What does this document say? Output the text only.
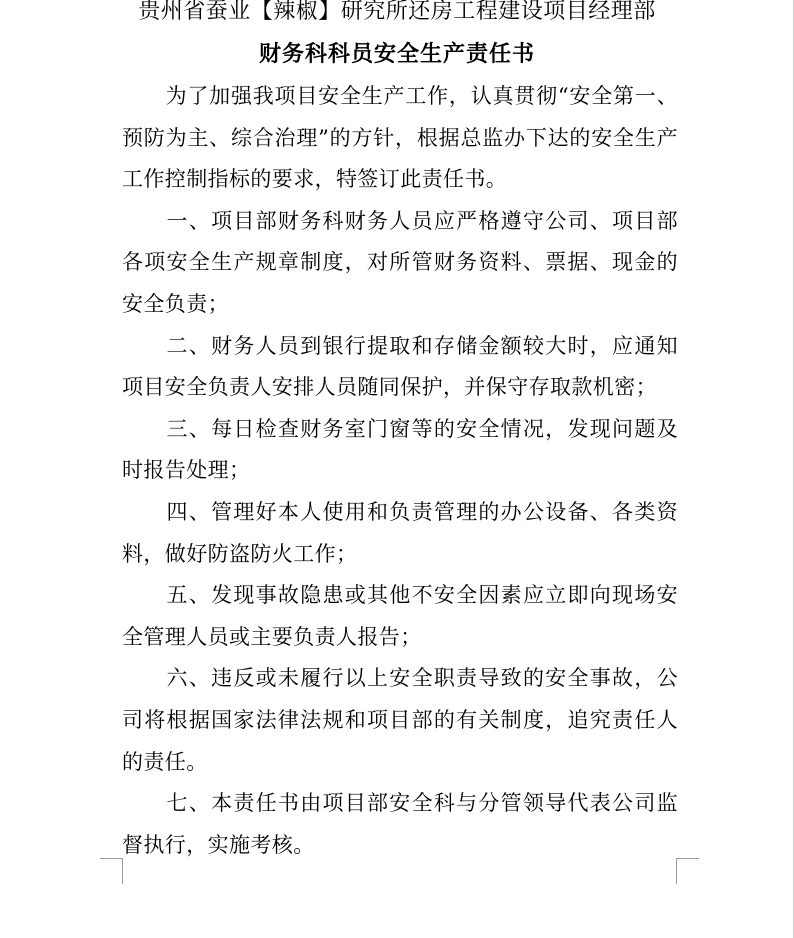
贵州省蚕业【辣椒】研究所还房工程建设项目经理部
财务科科员安全生产责任书

　　为了加强我项目安全生产工作，认真贯彻“安全第一、预防为主、综合治理”的方针，根据总监办下达的安全生产工作控制指标的要求，特签订此责任书。

　　一、项目部财务科财务人员应严格遵守公司、项目部各项安全生产规章制度，对所管财务资料、票据、现金的安全负责；

　　二、财务人员到银行提取和存储金额较大时，应通知项目安全负责人安排人员随同保护，并保守存取款机密；

　　三、每日检查财务室门窗等的安全情况，发现问题及时报告处理；

　　四、管理好本人使用和负责管理的办公设备、各类资料，做好防盗防火工作；

　　五、发现事故隐患或其他不安全因素应立即向现场安全管理人员或主要负责人报告；

　　六、违反或未履行以上安全职责导致的安全事故，公司将根据国家法律法规和项目部的有关制度，追究责任人的责任。

　　七、本责任书由项目部安全科与分管领导代表公司监督执行，实施考核。
